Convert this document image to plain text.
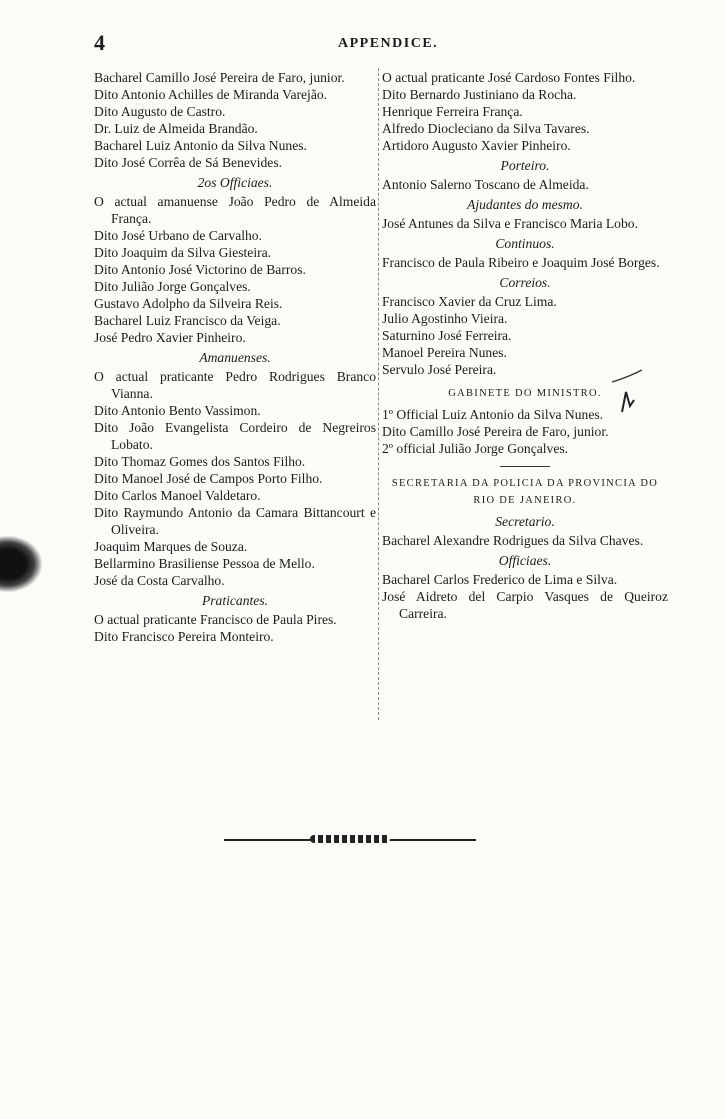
4	APPENDICE.
Bacharel Camillo José Pereira de Faro, junior.
Dito Antonio Achilles de Miranda Varejão.
Dito Augusto de Castro.
Dr. Luiz de Almeida Brandão.
Bacharel Luiz Antonio da Silva Nunes.
Dito José Corrêa de Sá Benevides.
2os Officiaes.
O actual amanuense João Pedro de Almeida França.
Dito José Urbano de Carvalho.
Dito Joaquim da Silva Giesteira.
Dito Antonio José Victorino de Barros.
Dito Julião Jorge Gonçalves.
Gustavo Adolpho da Silveira Reis.
Bacharel Luiz Francisco da Veiga.
José Pedro Xavier Pinheiro.
Amanuenses.
O actual praticante Pedro Rodrigues Branco Vianna.
Dito Antonio Bento Vassimon.
Dito João Evangelista Cordeiro de Negreiros Lobato.
Dito Thomaz Gomes dos Santos Filho.
Dito Manoel José de Campos Porto Filho.
Dito Carlos Manoel Valdetaro.
Dito Raymundo Antonio da Camara Bittancourt e Oliveira.
Joaquim Marques de Souza.
Bellarmino Brasiliense Pessoa de Mello.
José da Costa Carvalho.
Praticantes.
O actual praticante Francisco de Paula Pires.
Dito Francisco Pereira Monteiro.
O actual praticante José Cardoso Fontes Filho.
Dito Bernardo Justiniano da Rocha.
Henrique Ferreira França.
Alfredo Diocleciano da Silva Tavares.
Artidoro Augusto Xavier Pinheiro.
Porteiro.
Antonio Salerno Toscano de Almeida.
Ajudantes do mesmo.
José Antunes da Silva e Francisco Maria Lobo.
Continuos.
Francisco de Paula Ribeiro e Joaquim José Borges.
Correios.
Francisco Xavier da Cruz Lima.
Julio Agostinho Vieira.
Saturnino José Ferreira.
Manoel Pereira Nunes.
Servulo José Pereira.
GABINETE DO MINISTRO.
1º Official Luiz Antonio da Silva Nunes.
Dito Camillo José Pereira de Faro, junior.
2º official Julião Jorge Gonçalves.
SECRETARIA DA POLICIA DA PROVINCIA DO RIO DE JANEIRO.
Secretario.
Bacharel Alexandre Rodrigues da Silva Chaves.
Officiaes.
Bacharel Carlos Frederico de Lima e Silva.
José Aidreto del Carpio Vasques de Queiroz Carreira.
